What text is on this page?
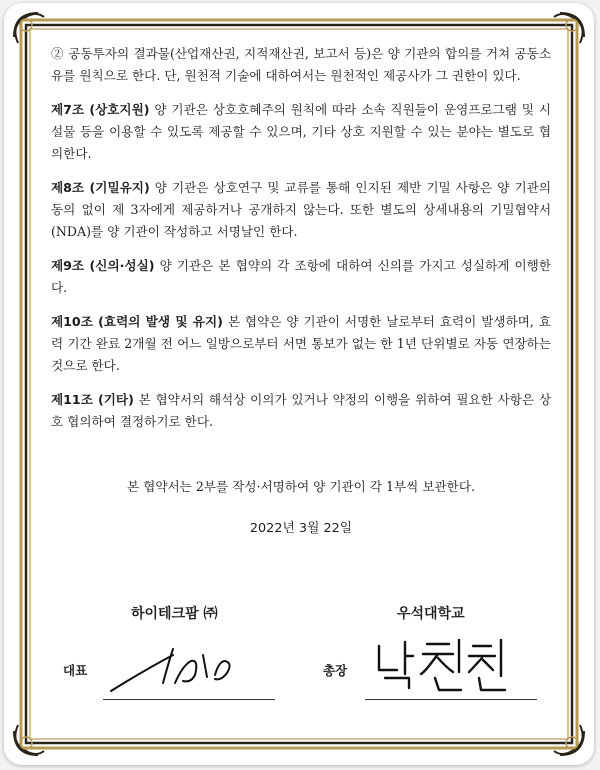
② 공동투자의 결과물(산업재산권, 지적재산권, 보고서 등)은 양 기관의 합의를 거쳐 공동소유를 원칙으로 한다. 단, 원천적 기술에 대하여서는 원천적인 제공사가 그 권한이 있다.

제7조 (상호지원) 양 기관은 상호호혜주의 원칙에 따라 소속 직원들이 운영프로그램 및 시설물 등을 이용할 수 있도록 제공할 수 있으며, 기타 상호 지원할 수 있는 분야는 별도로 협의한다.

제8조 (기밀유지) 양 기관은 상호연구 및 교류를 통해 인지된 제반 기밀 사항은 양 기관의 동의 없이 제 3자에게 제공하거나 공개하지 않는다. 또한 별도의 상세내용의 기밀협약서(NDA)를 양 기관이 작성하고 서명날인 한다.

제9조 (신의·성실) 양 기관은 본 협약의 각 조항에 대하여 신의를 가지고 성실하게 이행한다.

제10조 (효력의 발생 및 유지) 본 협약은 양 기관이 서명한 날로부터 효력이 발생하며, 효력 기간 완료 2개월 전 어느 일방으로부터 서면 통보가 없는 한 1년 단위별로 자동 연장하는 것으로 한다.

제11조 (기타) 본 협약서의 해석상 이의가 있거나 약정의 이행을 위하여 필요한 사항은 상호 협의하여 결정하기로 한다.

본 협약서는 2부를 작성·서명하여 양 기관이 각 1부씩 보관한다.
2022년 3월 22일
하이테크팜 ㈜
대표
우석대학교
총장
